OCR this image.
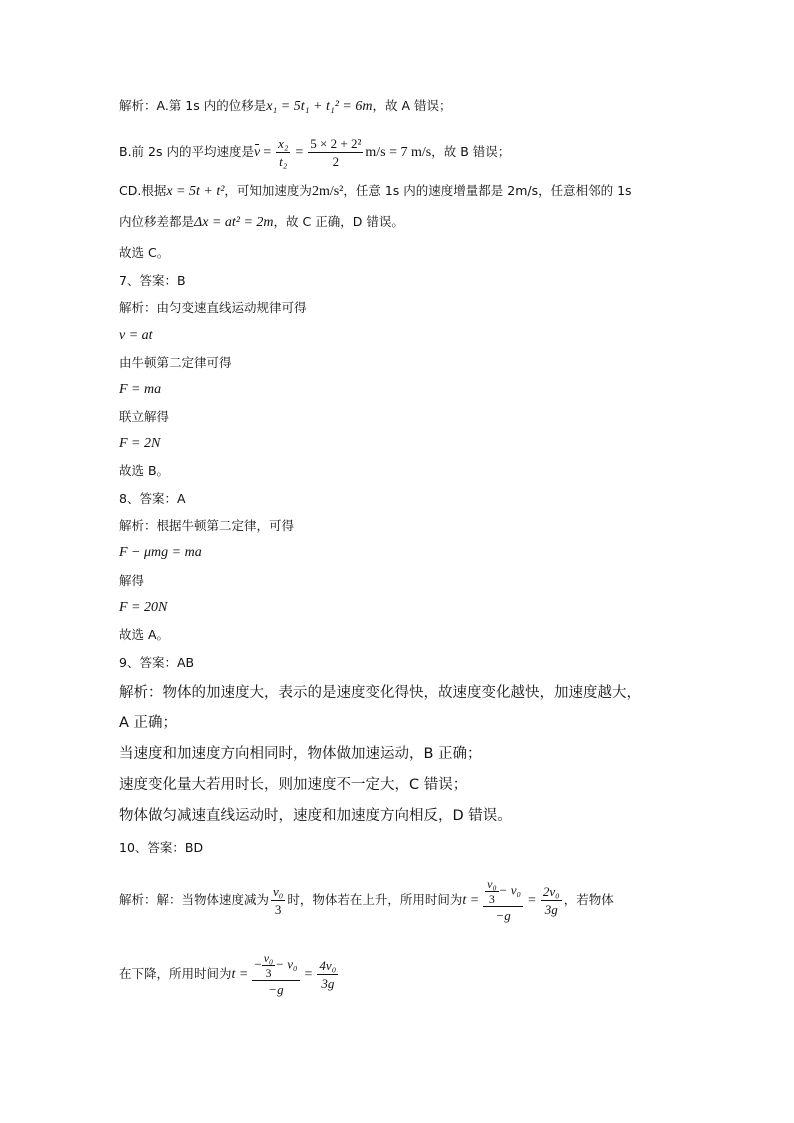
解析：A.第 1s 内的位移是x₁ = 5t₁ + t₁² = 6m，故 A 错误；
B.前 2s 内的平均速度是$v = \frac{\text{x₂}}{\text{t₂}} = \frac{\text{5 × 2 + 2²}}{2} m/s = 7$ m/s，故 B 错误；
CD.根据x = 5t + t²，可知加速度为2m/s²，任意 1s 内的速度增量都是 2m/s，任意相邻的 1s
内位移差都是Δx = at² = 2m，故 C 正确，D 错误。
故选 C。
7、答案：B
解析：由匀变速直线运动规律可得
v = at
由牛顿第二定律可得
F = ma
联立解得
F = 2N
故选 B。
8、答案：A
解析：根据牛顿第二定律，可得
F − μmg = ma
解得
F = 20N
故选 A。
9、答案：AB
解析：物体的加速度大，表示的是速度变化得快，故速度变化越快，加速度越大，
A 正确；
当速度和加速度方向相同时，物体做加速运动，B 正确；
速度变化量大若用时长，则加速度不一定大，C 错误；
物体做匀减速直线运动时，速度和加速度方向相反，D 错误。
10、答案：BD
解析：解：当物体速度减为 $\frac{\text{v₀}}{3}$ 时，物体若在上升，所用时间为$t = \frac{\frac{\text{v₀}}{3} - v_0}{-g} = \frac{\text{2v₀}}{3g}$ ，若物体
在下降，所用时间为$t = \frac{- \frac{\text{v₀}}{3} - v_0}{-g} = \frac{\text{4v₀}}{3g}$
